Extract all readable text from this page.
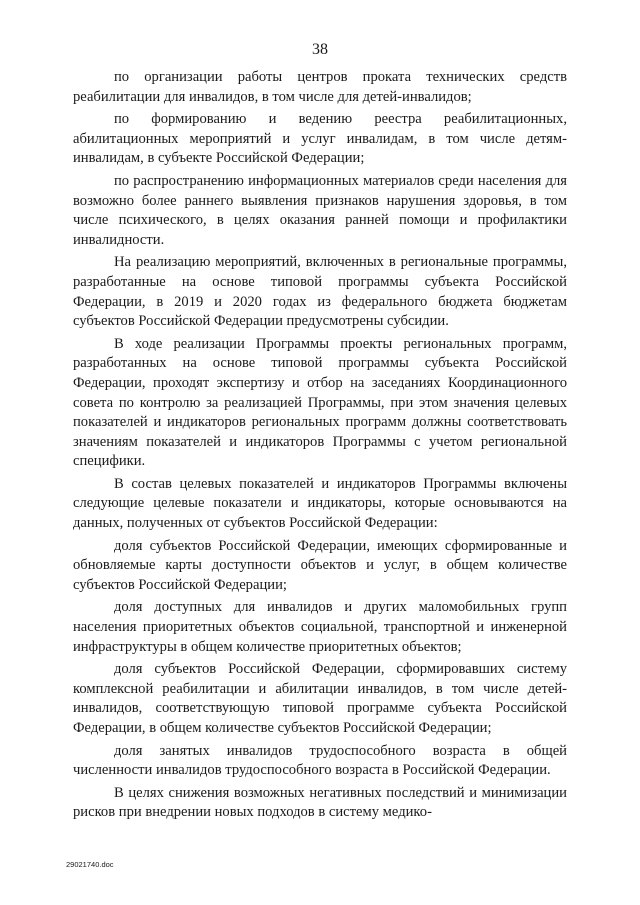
38

по организации работы центров проката технических средств реабилитации для инвалидов, в том числе для детей-инвалидов;

по формированию и ведению реестра реабилитационных, абилитационных мероприятий и услуг инвалидам, в том числе детям-инвалидам, в субъекте Российской Федерации;

по распространению информационных материалов среди населения для возможно более раннего выявления признаков нарушения здоровья, в том числе психического, в целях оказания ранней помощи и профилактики инвалидности.

На реализацию мероприятий, включенных в региональные программы, разработанные на основе типовой программы субъекта Российской Федерации, в 2019 и 2020 годах из федерального бюджета бюджетам субъектов Российской Федерации предусмотрены субсидии.

В ходе реализации Программы проекты региональных программ, разработанных на основе типовой программы субъекта Российской Федерации, проходят экспертизу и отбор на заседаниях Координационного совета по контролю за реализацией Программы, при этом значения целевых показателей и индикаторов региональных программ должны соответствовать значениям показателей и индикаторов Программы с учетом региональной специфики.

В состав целевых показателей и индикаторов Программы включены следующие целевые показатели и индикаторы, которые основываются на данных, полученных от субъектов Российской Федерации:

доля субъектов Российской Федерации, имеющих сформированные и обновляемые карты доступности объектов и услуг, в общем количестве субъектов Российской Федерации;

доля доступных для инвалидов и других маломобильных групп населения приоритетных объектов социальной, транспортной и инженерной инфраструктуры в общем количестве приоритетных объектов;

доля субъектов Российской Федерации, сформировавших систему комплексной реабилитации и абилитации инвалидов, в том числе детей-инвалидов, соответствующую типовой программе субъекта Российской Федерации, в общем количестве субъектов Российской Федерации;

доля занятых инвалидов трудоспособного возраста в общей численности инвалидов трудоспособного возраста в Российской Федерации.

В целях снижения возможных негативных последствий и минимизации рисков при внедрении новых подходов в систему медико-

29021740.doc
